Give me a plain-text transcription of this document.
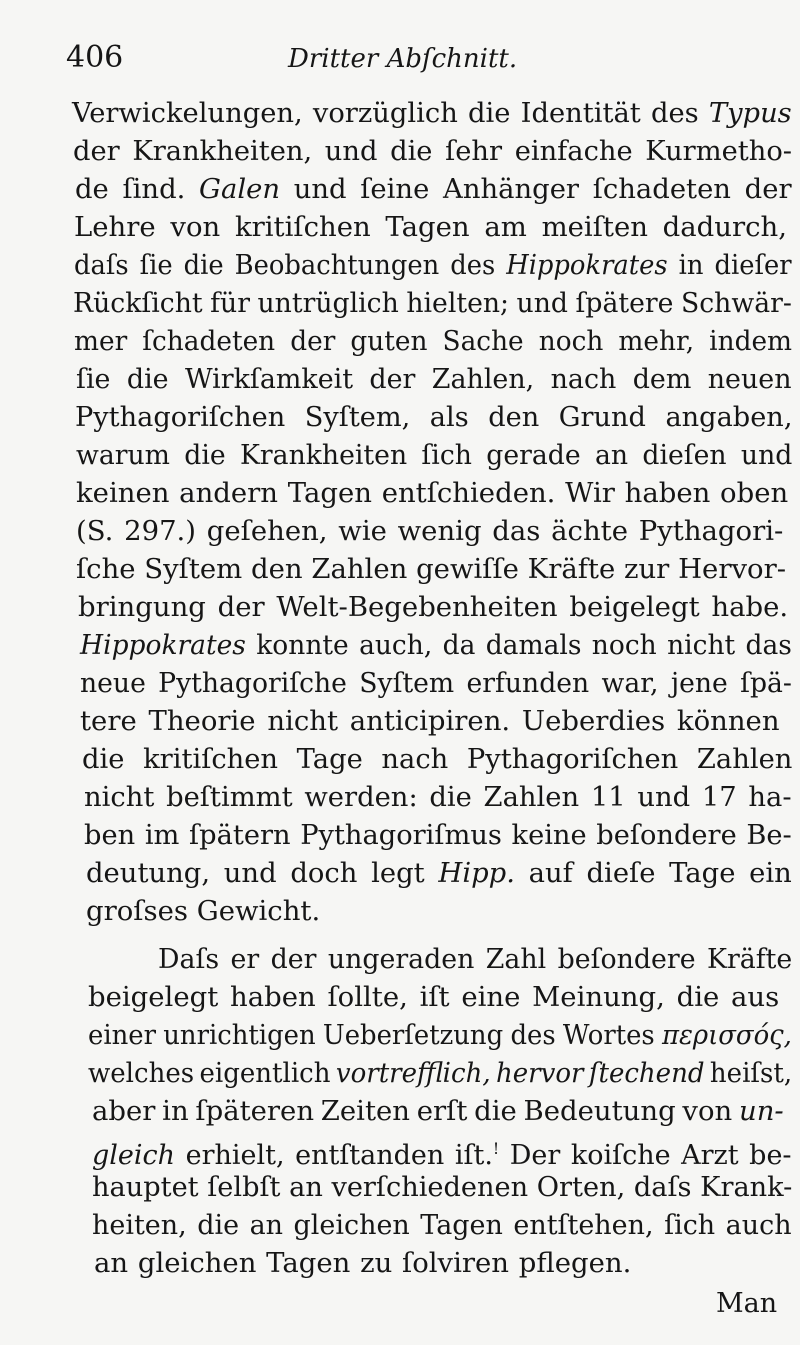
406	Dritter Abſchnitt.
Verwickelungen, vorzüglich die Identität des Typus
der Krankheiten, und die ſehr einfache Kurmetho-
de ſind. Galen und ſeine Anhänger ſchadeten der
Lehre von kritiſchen Tagen am meiſten dadurch,
daſs ſie die Beobachtungen des Hippokrates in dieſer
Rückſicht für untrüglich hielten; und ſpätere Schwär-
mer ſchadeten der guten Sache noch mehr, indem
ſie die Wirkſamkeit der Zahlen, nach dem neuen
Pythagoriſchen Syſtem, als den Grund angaben,
warum die Krankheiten ſich gerade an dieſen und
keinen andern Tagen entſchieden. Wir haben oben
(S. 297.) geſehen, wie wenig das ächte Pythagori-
ſche Syſtem den Zahlen gewiſſe Kräfte zur Hervor-
bringung der Welt-Begebenheiten beigelegt habe.
Hippokrates konnte auch, da damals noch nicht das
neue Pythagoriſche Syſtem erfunden war, jene ſpä-
tere Theorie nicht anticipiren. Ueberdies können
die kritiſchen Tage nach Pythagoriſchen Zahlen
nicht beſtimmt werden: die Zahlen 11 und 17 ha-
ben im ſpätern Pythagoriſmus keine beſondere Be-
deutung, und doch legt Hipp. auf dieſe Tage ein
groſses Gewicht.
Daſs er der ungeraden Zahl beſondere Kräfte
beigelegt haben ſollte, iſt eine Meinung, die aus
einer unrichtigen Ueberſetzung des Wortes περισσός,
welches eigentlich vortrefflich, hervor ſtechend heiſst,
aber in ſpäteren Zeiten erſt die Bedeutung von un-
gleich erhielt, entſtanden iſt.! Der koiſche Arzt be-
hauptet ſelbſt an verſchiedenen Orten, daſs Krank-
heiten, die an gleichen Tagen entſtehen, ſich auch
an gleichen Tagen zu ſolviren pflegen.
Man
